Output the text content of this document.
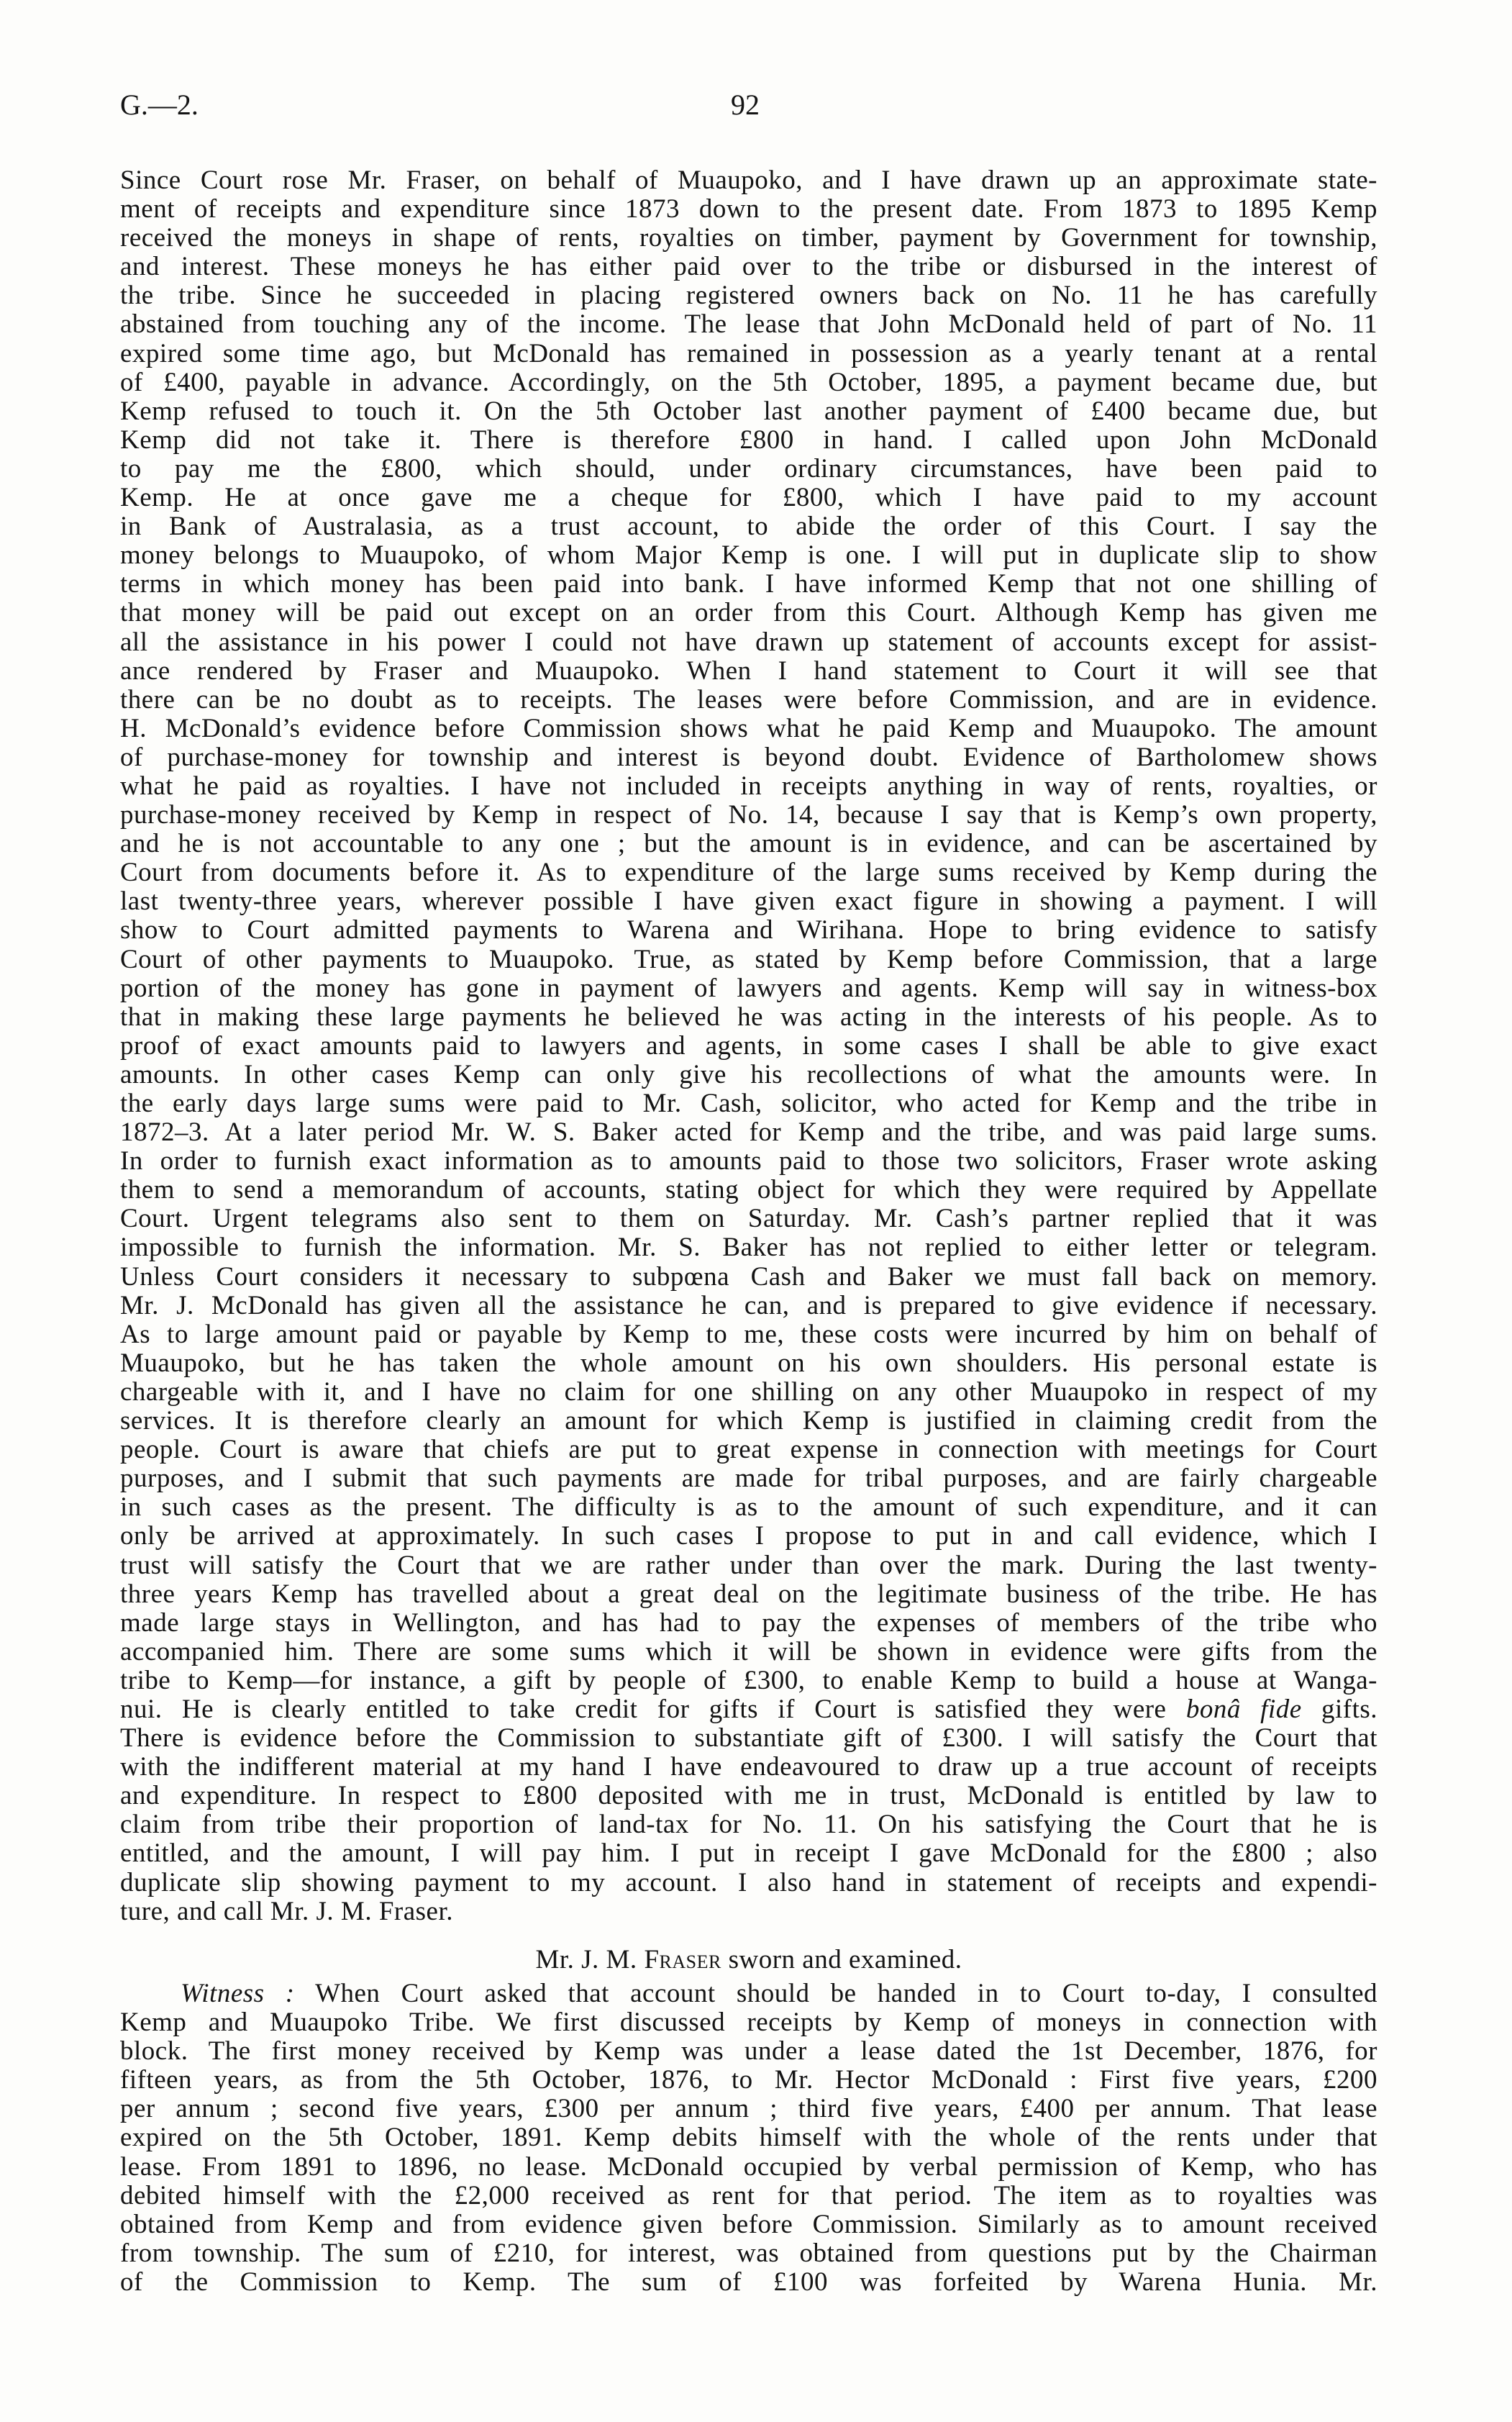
G.—2.	92
Since Court rose Mr. Fraser, on behalf of Muaupoko, and I have drawn up an approximate state-
ment of receipts and expenditure since 1873 down to the present date. From 1873 to 1895 Kemp
received the moneys in shape of rents, royalties on timber, payment by Government for township,
and interest. These moneys he has either paid over to the tribe or disbursed in the interest of
the tribe. Since he succeeded in placing registered owners back on No. 11 he has carefully
abstained from touching any of the income. The lease that John McDonald held of part of No. 11
expired some time ago, but McDonald has remained in possession as a yearly tenant at a rental
of £400, payable in advance. Accordingly, on the 5th October, 1895, a payment became due, but
Kemp refused to touch it. On the 5th October last another payment of £400 became due, but
Kemp did not take it. There is therefore £800 in hand. I called upon John McDonald
to pay me the £800, which should, under ordinary circumstances, have been paid to
Kemp. He at once gave me a cheque for £800, which I have paid to my account
in Bank of Australasia, as a trust account, to abide the order of this Court. I say the
money belongs to Muaupoko, of whom Major Kemp is one. I will put in duplicate slip to show
terms in which money has been paid into bank. I have informed Kemp that not one shilling of
that money will be paid out except on an order from this Court. Although Kemp has given me
all the assistance in his power I could not have drawn up statement of accounts except for assist-
ance rendered by Fraser and Muaupoko. When I hand statement to Court it will see that
there can be no doubt as to receipts. The leases were before Commission, and are in evidence.
H. McDonald’s evidence before Commission shows what he paid Kemp and Muaupoko. The amount
of purchase-money for township and interest is beyond doubt. Evidence of Bartholomew shows
what he paid as royalties. I have not included in receipts anything in way of rents, royalties, or
purchase-money received by Kemp in respect of No. 14, because I say that is Kemp’s own property,
and he is not accountable to any one ; but the amount is in evidence, and can be ascertained by
Court from documents before it. As to expenditure of the large sums received by Kemp during the
last twenty-three years, wherever possible I have given exact figure in showing a payment. I will
show to Court admitted payments to Warena and Wirihana. Hope to bring evidence to satisfy
Court of other payments to Muaupoko. True, as stated by Kemp before Commission, that a large
portion of the money has gone in payment of lawyers and agents. Kemp will say in witness-box
that in making these large payments he believed he was acting in the interests of his people. As to
proof of exact amounts paid to lawyers and agents, in some cases I shall be able to give exact
amounts. In other cases Kemp can only give his recollections of what the amounts were. In
the early days large sums were paid to Mr. Cash, solicitor, who acted for Kemp and the tribe in
1872–3. At a later period Mr. W. S. Baker acted for Kemp and the tribe, and was paid large sums.
In order to furnish exact information as to amounts paid to those two solicitors, Fraser wrote asking
them to send a memorandum of accounts, stating object for which they were required by Appellate
Court. Urgent telegrams also sent to them on Saturday. Mr. Cash’s partner replied that it was
impossible to furnish the information. Mr. S. Baker has not replied to either letter or telegram.
Unless Court considers it necessary to subpœna Cash and Baker we must fall back on memory.
Mr. J. McDonald has given all the assistance he can, and is prepared to give evidence if necessary.
As to large amount paid or payable by Kemp to me, these costs were incurred by him on behalf of
Muaupoko, but he has taken the whole amount on his own shoulders. His personal estate is
chargeable with it, and I have no claim for one shilling on any other Muaupoko in respect of my
services. It is therefore clearly an amount for which Kemp is justified in claiming credit from the
people. Court is aware that chiefs are put to great expense in connection with meetings for Court
purposes, and I submit that such payments are made for tribal purposes, and are fairly chargeable
in such cases as the present. The difficulty is as to the amount of such expenditure, and it can
only be arrived at approximately. In such cases I propose to put in and call evidence, which I
trust will satisfy the Court that we are rather under than over the mark. During the last twenty-
three years Kemp has travelled about a great deal on the legitimate business of the tribe. He has
made large stays in Wellington, and has had to pay the expenses of members of the tribe who
accompanied him. There are some sums which it will be shown in evidence were gifts from the
tribe to Kemp—for instance, a gift by people of £300, to enable Kemp to build a house at Wanga-
nui. He is clearly entitled to take credit for gifts if Court is satisfied they were bonâ fide gifts.
There is evidence before the Commission to substantiate gift of £300. I will satisfy the Court that
with the indifferent material at my hand I have endeavoured to draw up a true account of receipts
and expenditure. In respect to £800 deposited with me in trust, McDonald is entitled by law to
claim from tribe their proportion of land-tax for No. 11. On his satisfying the Court that he is
entitled, and the amount, I will pay him. I put in receipt I gave McDonald for the £800 ; also
duplicate slip showing payment to my account. I also hand in statement of receipts and expendi-
ture, and call Mr. J. M. Fraser.
Mr. J. M. Fraser sworn and examined.
Witness : When Court asked that account should be handed in to Court to-day, I consulted
Kemp and Muaupoko Tribe. We first discussed receipts by Kemp of moneys in connection with
block. The first money received by Kemp was under a lease dated the 1st December, 1876, for
fifteen years, as from the 5th October, 1876, to Mr. Hector McDonald : First five years, £200
per annum ; second five years, £300 per annum ; third five years, £400 per annum. That lease
expired on the 5th October, 1891. Kemp debits himself with the whole of the rents under that
lease. From 1891 to 1896, no lease. McDonald occupied by verbal permission of Kemp, who has
debited himself with the £2,000 received as rent for that period. The item as to royalties was
obtained from Kemp and from evidence given before Commission. Similarly as to amount received
from township. The sum of £210, for interest, was obtained from questions put by the Chairman
of the Commission to Kemp. The sum of £100 was forfeited by Warena Hunia. Mr.
